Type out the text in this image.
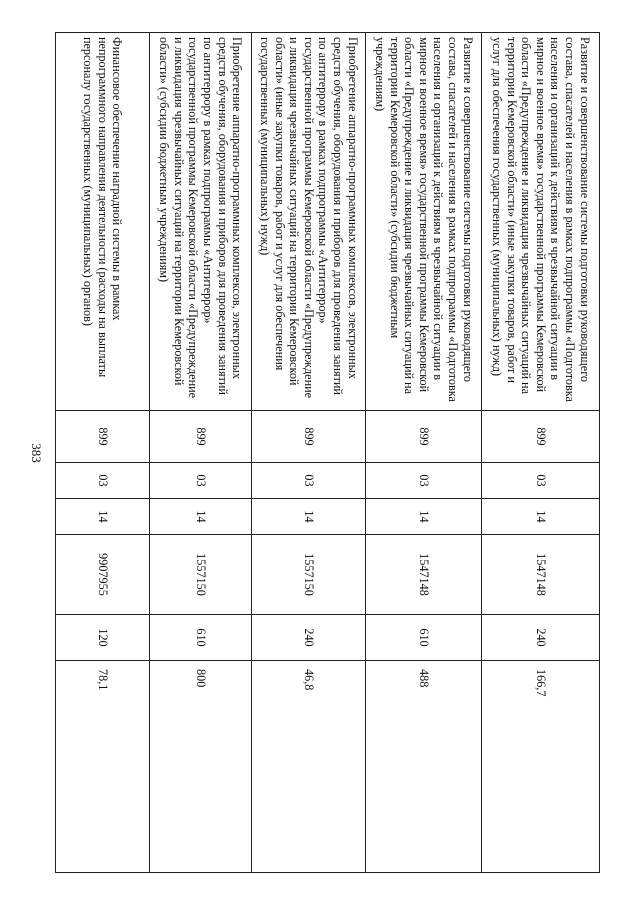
383
Развитие и совершенствование системы подготовки руководящего состава, спасателей и населения в рамках подпрограммы «Подготовка населения и организаций к действиям в чрезвычайной ситуации в мирное и военное время» государственной программы Кемеровской области «Предупреждение и ликвидация чрезвычайных ситуаций на территории Кемеровской области» (иные закупки товаров, работ и услуг для обеспечения государственных (муниципальных) нужд)	899	03	14	1547148	240	166,7
Развитие и совершенствование системы подготовки руководящего состава, спасателей и населения в рамках подпрограммы «Подготовка населения и организаций к действиям в чрезвычайной ситуации в мирное и военное время» государственной программы Кемеровской области «Предупреждение и ликвидация чрезвычайных ситуаций на территории Кемеровской области» (субсидии бюджетным учреждениям)	899	03	14	1547148	610	488
Приобретение аппаратно-программных комплексов, электронных средств обучения, оборудования и приборов для проведения занятий по антитеррору в рамках подпрограммы «Антитеррор» государственной программы Кемеровской области «Предупреждение и ликвидация чрезвычайных ситуаций на территории Кемеровской области» (иные закупки товаров, работ и услуг для обеспечения государственных (муниципальных) нужд)	899	03	14	1557150	240	46,8
Приобретение аппаратно-программных комплексов, электронных средств обучения, оборудования и приборов для проведения занятий по антитеррору в рамках подпрограммы «Антитеррор» государственной программы Кемеровской области «Предупреждение и ликвидация чрезвычайных ситуаций на территории Кемеровской области» (субсидии бюджетным учреждениям)	899	03	14	1557150	610	800
Финансовое обеспечение наградной системы в рамках непрограммного направления деятельности (расходы на выплаты персоналу государственных (муниципальных) органов)	899	03	14	9907955	120	78,1
